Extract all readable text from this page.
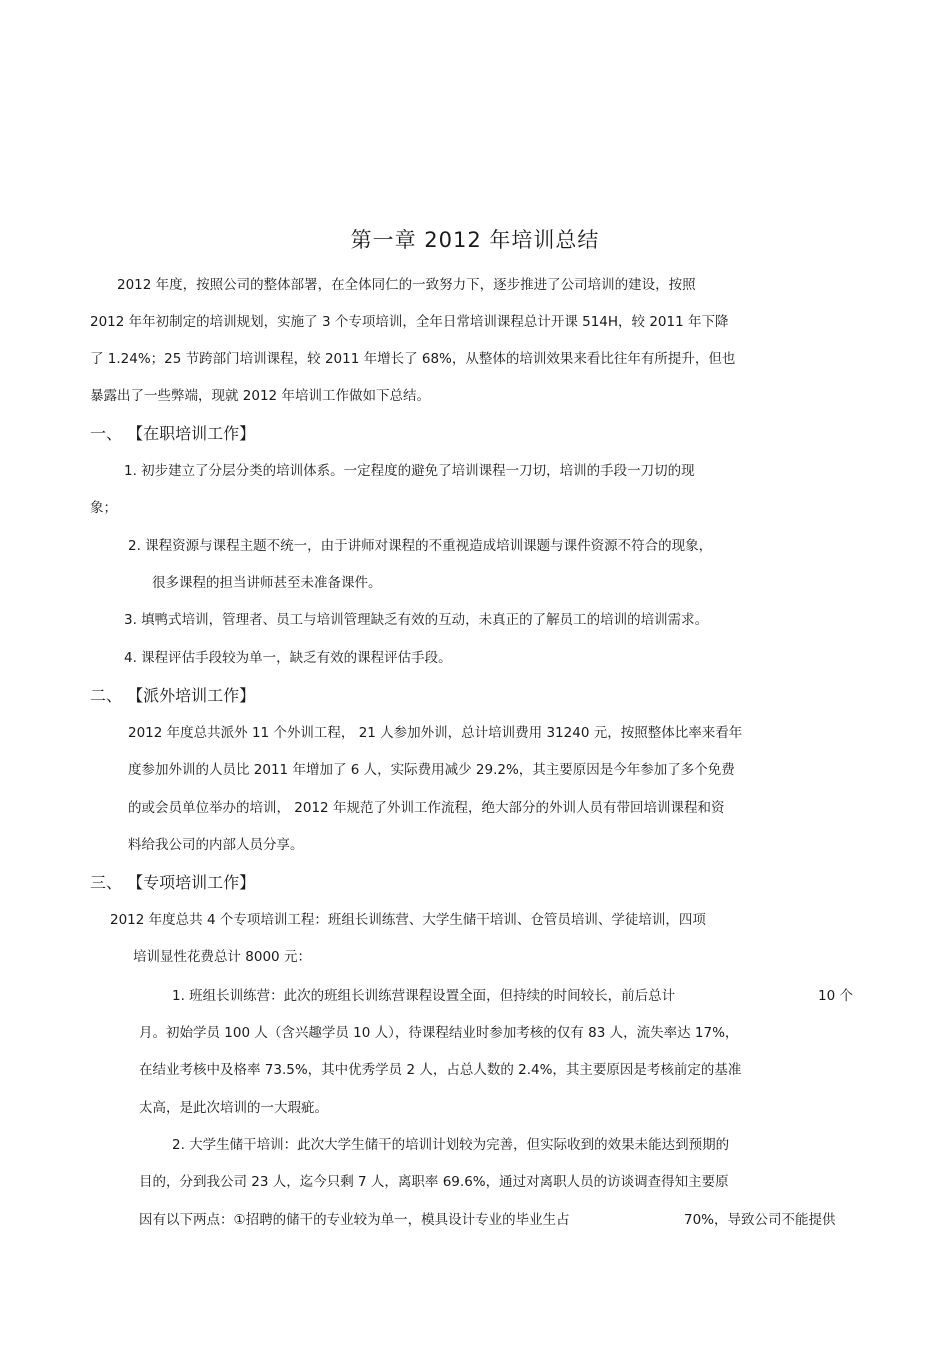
第一章 2012 年培训总结
2012 年度，按照公司的整体部署，在全体同仁的一致努力下，逐步推进了公司培训的建设，按照
2012 年年初制定的培训规划，实施了 3 个专项培训，全年日常培训课程总计开课 514H，较 2011 年下降
了 1.24%；25 节跨部门培训课程，较 2011 年增长了 68%，从整体的培训效果来看比往年有所提升，但也
暴露出了一些弊端，现就 2012 年培训工作做如下总结。
一、 【在职培训工作】
1. 初步建立了分层分类的培训体系。一定程度的避免了培训课程一刀切，培训的手段一刀切的现
象；
2. 课程资源与课程主题不统一，由于讲师对课程的不重视造成培训课题与课件资源不符合的现象，
很多课程的担当讲师甚至未准备课件。
3. 填鸭式培训，管理者、员工与培训管理缺乏有效的互动，未真正的了解员工的培训的培训需求。
4. 课程评估手段较为单一，缺乏有效的课程评估手段。
二、 【派外培训工作】
2012 年度总共派外 11 个外训工程， 21 人参加外训，总计培训费用 31240 元，按照整体比率来看年
度参加外训的人员比 2011 年增加了 6 人，实际费用减少 29.2%，其主要原因是今年参加了多个免费
的或会员单位举办的培训， 2012 年规范了外训工作流程，绝大部分的外训人员有带回培训课程和资
料给我公司的内部人员分享。
三、 【专项培训工作】
2012 年度总共 4 个专项培训工程：班组长训练营、大学生储干培训、仓管员培训、学徒培训，四项
培训显性花费总计 8000 元：
1. 班组长训练营：此次的班组长训练营课程设置全面，但持续的时间较长，前后总计	10 个
月。初始学员 100 人（含兴趣学员 10 人），待课程结业时参加考核的仅有 83 人，流失率达 17%，
在结业考核中及格率 73.5%，其中优秀学员 2 人，占总人数的 2.4%，其主要原因是考核前定的基准
太高，是此次培训的一大瑕疵。
2. 大学生储干培训：此次大学生储干的培训计划较为完善，但实际收到的效果未能达到预期的
目的，分到我公司 23 人，迄今只剩 7 人，离职率 69.6%，通过对离职人员的访谈调查得知主要原
因有以下两点：①招聘的储干的专业较为单一，模具设计专业的毕业生占	70%，导致公司不能提供
